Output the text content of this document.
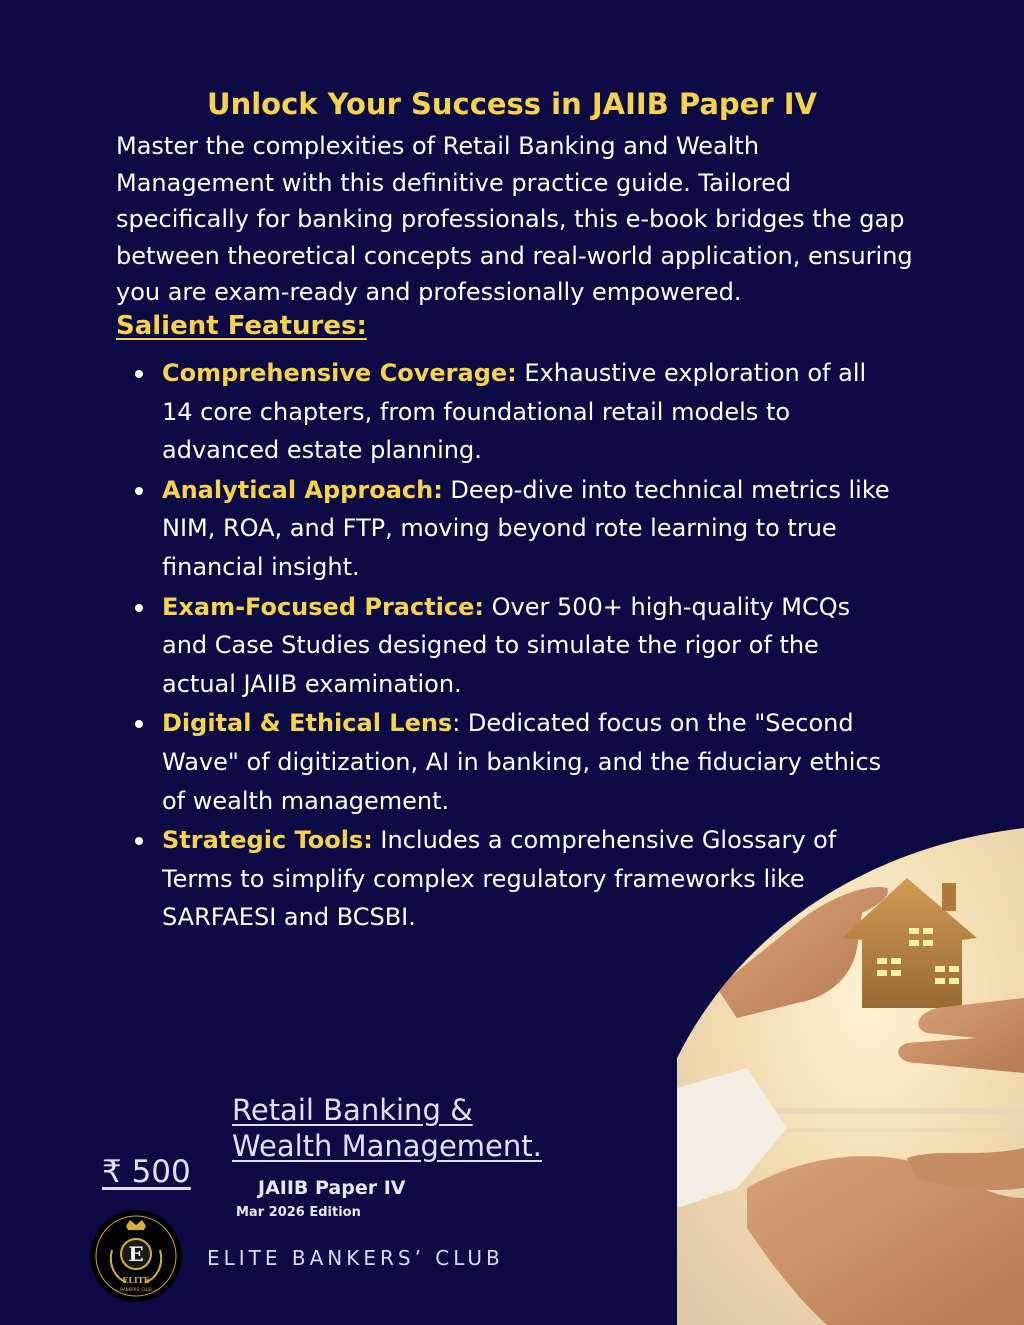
Unlock Your Success in JAIIB Paper IV
Master the complexities of Retail Banking and Wealth Management with this definitive practice guide. Tailored specifically for banking professionals, this e-book bridges the gap between theoretical concepts and real-world application, ensuring you are exam-ready and professionally empowered.
Salient Features:
Comprehensive Coverage: Exhaustive exploration of all 14 core chapters, from foundational retail models to advanced estate planning.
Analytical Approach: Deep-dive into technical metrics like NIM, ROA, and FTP, moving beyond rote learning to true financial insight.
Exam-Focused Practice: Over 500+ high-quality MCQs and Case Studies designed to simulate the rigor of the actual JAIIB examination.
Digital & Ethical Lens: Dedicated focus on the "Second Wave" of digitization, AI in banking, and the fiduciary ethics of wealth management.
Strategic Tools: Includes a comprehensive Glossary of Terms to simplify complex regulatory frameworks like SARFAESI and BCSBI.
Retail Banking &
Wealth Management.
₹ 500	JAIIB Paper IV
Mar 2026 Edition
E
ELITE
BANKERS' CLUB
ELITE BANKERS’ CLUB
